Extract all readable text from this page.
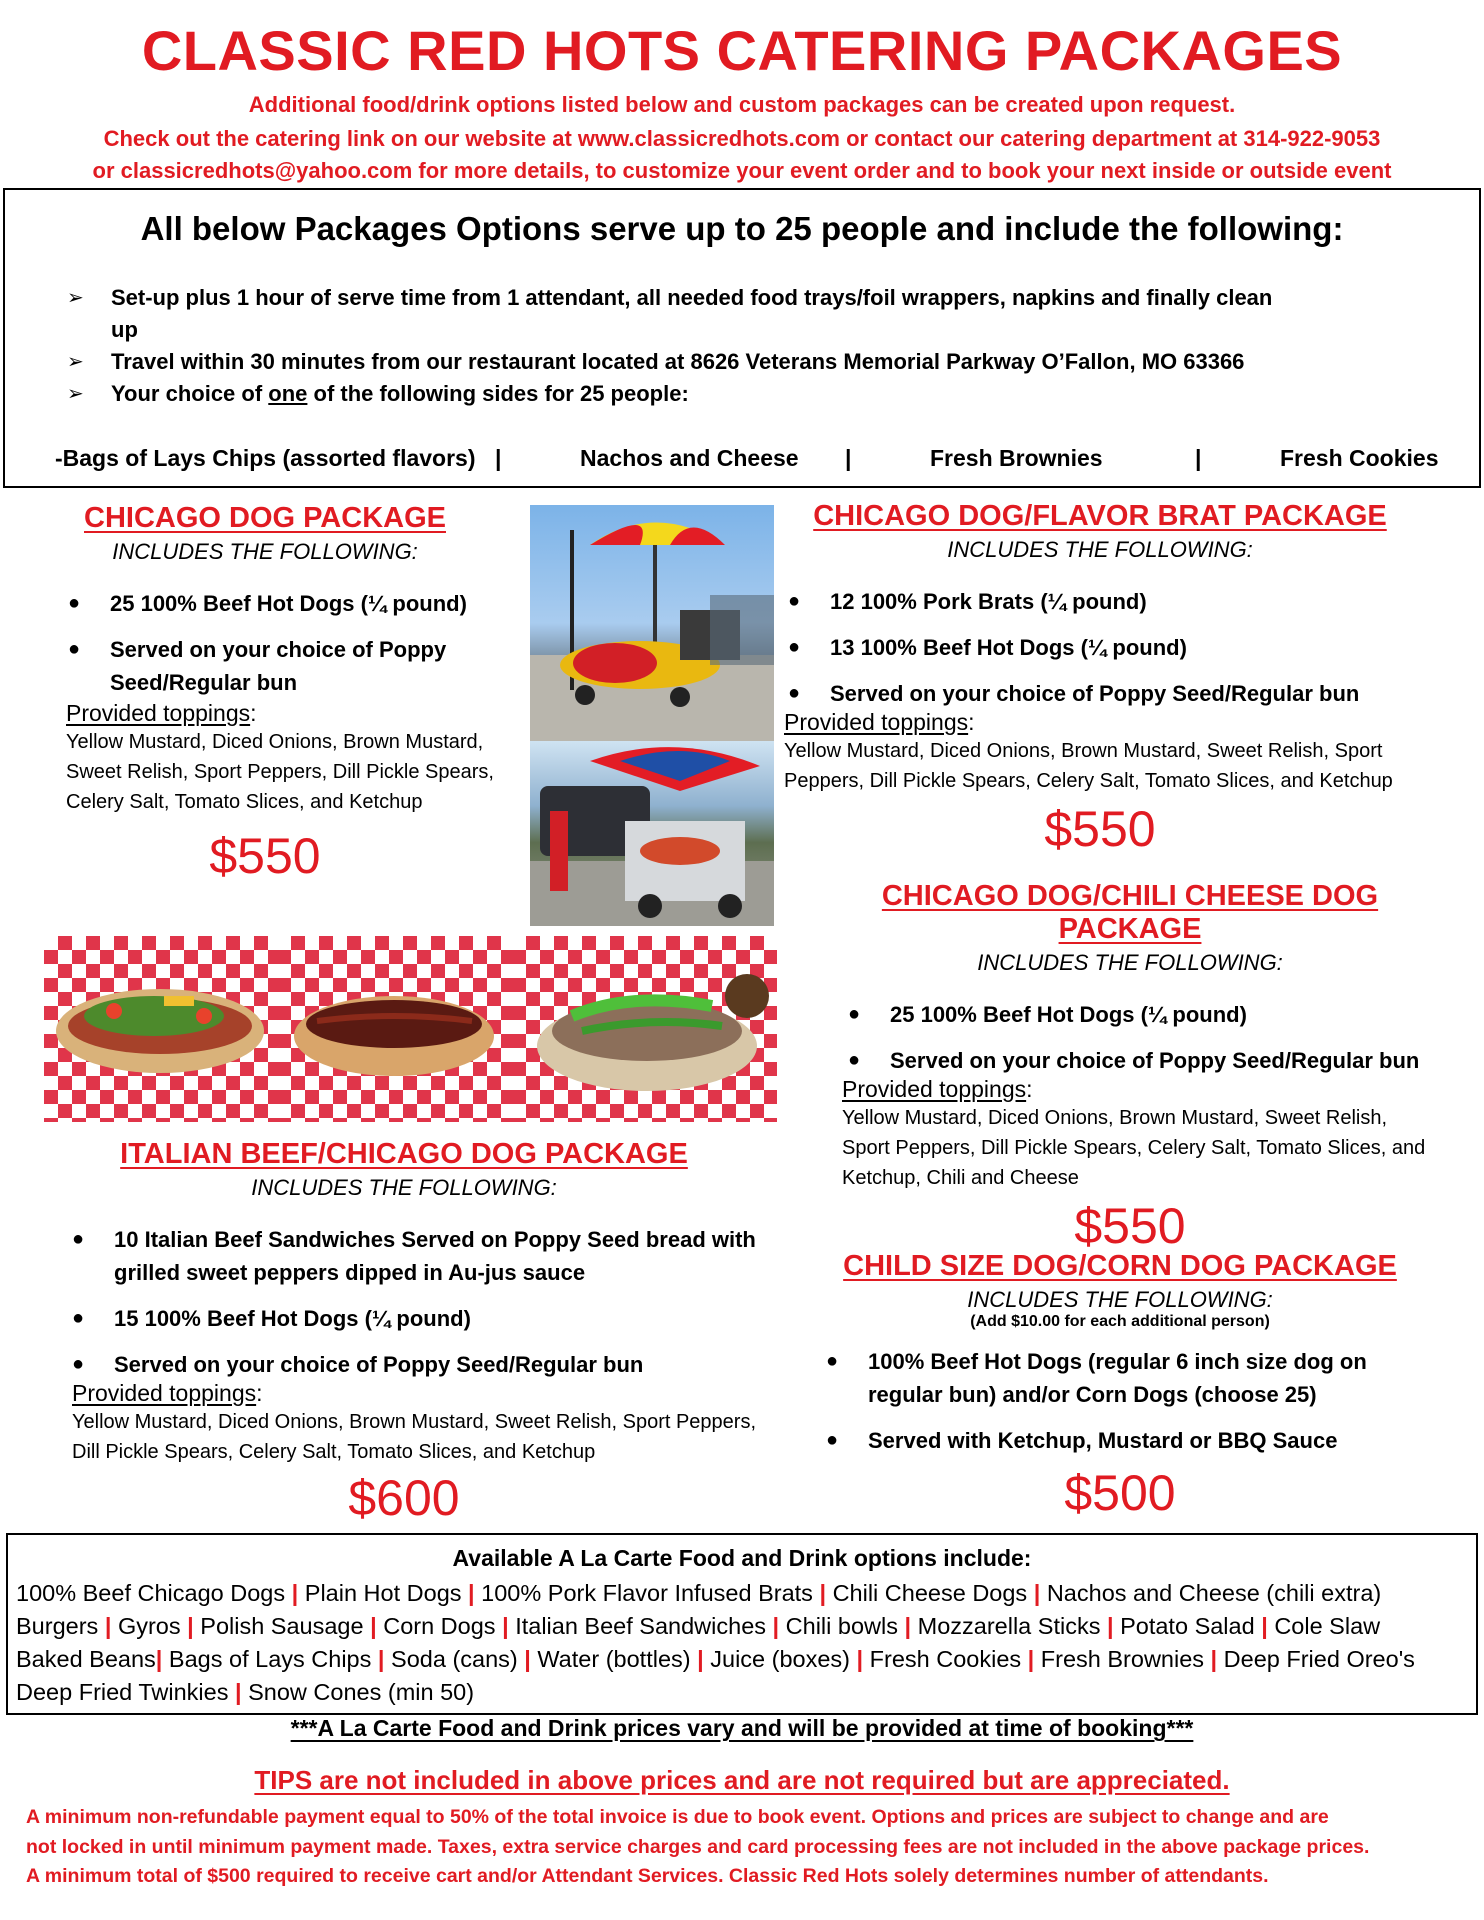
CLASSIC RED HOTS CATERING PACKAGES
Additional food/drink options listed below and custom packages can be created upon request.
Check out the catering link on our website at www.classicredhots.com or contact our catering department at 314-922-9053
or classicredhots@yahoo.com for more details, to customize your event order and to book your next inside or outside event
All below Packages Options serve up to 25 people and include the following:
➢ Set-up plus 1 hour of serve time from 1 attendant, all needed food trays/foil wrappers, napkins and finally clean
up
➢ Travel within 30 minutes from our restaurant located at 8626 Veterans Memorial Parkway O’Fallon, MO 63366
➢ Your choice of one of the following sides for 25 people:
-Bags of Lays Chips (assorted flavors) |	Nachos and Cheese |	Fresh Brownies	|	Fresh Cookies
CHICAGO DOG PACKAGE
INCLUDES THE FOLLOWING:
● 25 100% Beef Hot Dogs (¼ pound)
● Served on your choice of Poppy Seed/Regular bun
Provided toppings:
Yellow Mustard, Diced Onions, Brown Mustard, Sweet Relish, Sport Peppers, Dill Pickle Spears, Celery Salt, Tomato Slices, and Ketchup
$550
CHICAGO DOG/FLAVOR BRAT PACKAGE
INCLUDES THE FOLLOWING:
● 12 100% Pork Brats (¼ pound)
● 13 100% Beef Hot Dogs (¼ pound)
● Served on your choice of Poppy Seed/Regular bun
Provided toppings:
Yellow Mustard, Diced Onions, Brown Mustard, Sweet Relish, Sport Peppers, Dill Pickle Spears, Celery Salt, Tomato Slices, and Ketchup
$550
CHICAGO DOG/CHILI CHEESE DOG PACKAGE
INCLUDES THE FOLLOWING:
● 25 100% Beef Hot Dogs (¼ pound)
● Served on your choice of Poppy Seed/Regular bun
Provided toppings:
Yellow Mustard, Diced Onions, Brown Mustard, Sweet Relish, Sport Peppers, Dill Pickle Spears, Celery Salt, Tomato Slices, and Ketchup, Chili and Cheese
$550
ITALIAN BEEF/CHICAGO DOG PACKAGE
INCLUDES THE FOLLOWING:
● 10 Italian Beef Sandwiches Served on Poppy Seed bread with grilled sweet peppers dipped in Au-jus sauce
● 15 100% Beef Hot Dogs (¼ pound)
● Served on your choice of Poppy Seed/Regular bun
Provided toppings:
Yellow Mustard, Diced Onions, Brown Mustard, Sweet Relish, Sport Peppers, Dill Pickle Spears, Celery Salt, Tomato Slices, and Ketchup
$600
CHILD SIZE DOG/CORN DOG PACKAGE
INCLUDES THE FOLLOWING:
(Add $10.00 for each additional person)
● 100% Beef Hot Dogs (regular 6 inch size dog on regular bun) and/or Corn Dogs (choose 25)
● Served with Ketchup, Mustard or BBQ Sauce
$500
Available A La Carte Food and Drink options include:
100% Beef Chicago Dogs | Plain Hot Dogs | 100% Pork Flavor Infused Brats | Chili Cheese Dogs | Nachos and Cheese (chili extra)
Burgers | Gyros | Polish Sausage | Corn Dogs | Italian Beef Sandwiches | Chili bowls | Mozzarella Sticks | Potato Salad | Cole Slaw
Baked Beans| Bags of Lays Chips | Soda (cans) | Water (bottles) | Juice (boxes) | Fresh Cookies | Fresh Brownies | Deep Fried Oreo's
Deep Fried Twinkies | Snow Cones (min 50)
***A La Carte Food and Drink prices vary and will be provided at time of booking***
TIPS are not included in above prices and are not required but are appreciated.
A minimum non-refundable payment equal to 50% of the total invoice is due to book event. Options and prices are subject to change and are
not locked in until minimum payment made. Taxes, extra service charges and card processing fees are not included in the above package prices.
A minimum total of $500 required to receive cart and/or Attendant Services. Classic Red Hots solely determines number of attendants.
